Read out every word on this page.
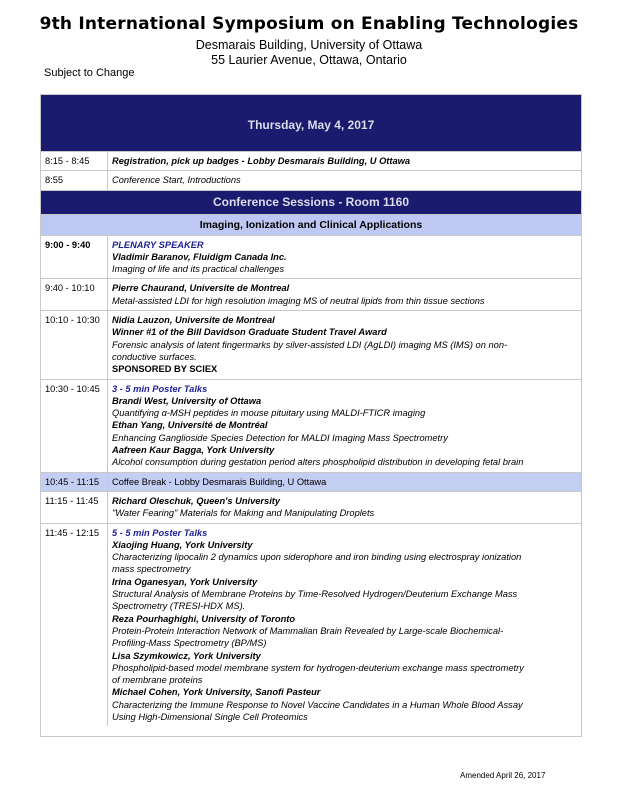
9th International Symposium on Enabling Technologies
Desmarais Building, University of Ottawa
55 Laurier Avenue, Ottawa, Ontario
Subject to Change
Thursday, May 4, 2017
8:15 - 8:45	Registration, pick up badges - Lobby Desmarais Building, U Ottawa
8:55	Conference Start, Introductions
Conference Sessions - Room 1160
Imaging, Ionization and Clinical Applications
9:00 - 9:40	PLENARY SPEAKER
Vladimir Baranov, Fluidigm Canada Inc.
Imaging of life and its practical challenges
9:40 - 10:10	Pierre Chaurand, Universite de Montreal
Metal-assisted LDI for high resolution imaging MS of neutral lipids from thin tissue sections
10:10 - 10:30	Nidia Lauzon, Universite de Montreal
Winner #1 of the Bill Davidson Graduate Student Travel Award
Forensic analysis of latent fingermarks by silver-assisted LDI (AgLDI) imaging MS (IMS) on non-
conductive surfaces.
SPONSORED BY SCIEX
10:30 - 10:45	3 - 5 min Poster Talks
Brandi West, University of Ottawa
Quantifying α-MSH peptides in mouse pituitary using MALDI-FTICR imaging
Ethan Yang, Université de Montréal
Enhancing Ganglioside Species Detection for MALDI Imaging Mass Spectrometry
Aafreen Kaur Bagga, York University
Alcohol consumption during gestation period alters phospholipid distribution in developing fetal brain
10:45 - 11:15	Coffee Break - Lobby Desmarais Building, U Ottawa
11:15 - 11:45	Richard Oleschuk, Queen's University
"Water Fearing" Materials for Making and Manipulating Droplets
11:45 - 12:15	5 - 5 min Poster Talks
Xiaojing Huang, York University
Characterizing lipocalin 2 dynamics upon siderophore and iron binding using electrospray ionization
mass spectrometry
Irina Oganesyan, York University
Structural Analysis of Membrane Proteins by Time-Resolved Hydrogen/Deuterium Exchange Mass
Spectrometry (TRESI-HDX MS).
Reza Pourhaghighi, University of Toronto
Protein-Protein Interaction Network of Mammalian Brain Revealed by Large-scale Biochemical-
Profiling-Mass Spectrometry (BP/MS)
Lisa Szymkowicz, York University
Phospholipid-based model membrane system for hydrogen-deuterium exchange mass spectrometry
of membrane proteins
Michael Cohen, York University, Sanofi Pasteur
Characterizing the Immune Response to Novel Vaccine Candidates in a Human Whole Blood Assay
Using High-Dimensional Single Cell Proteomics
Amended April 26, 2017
